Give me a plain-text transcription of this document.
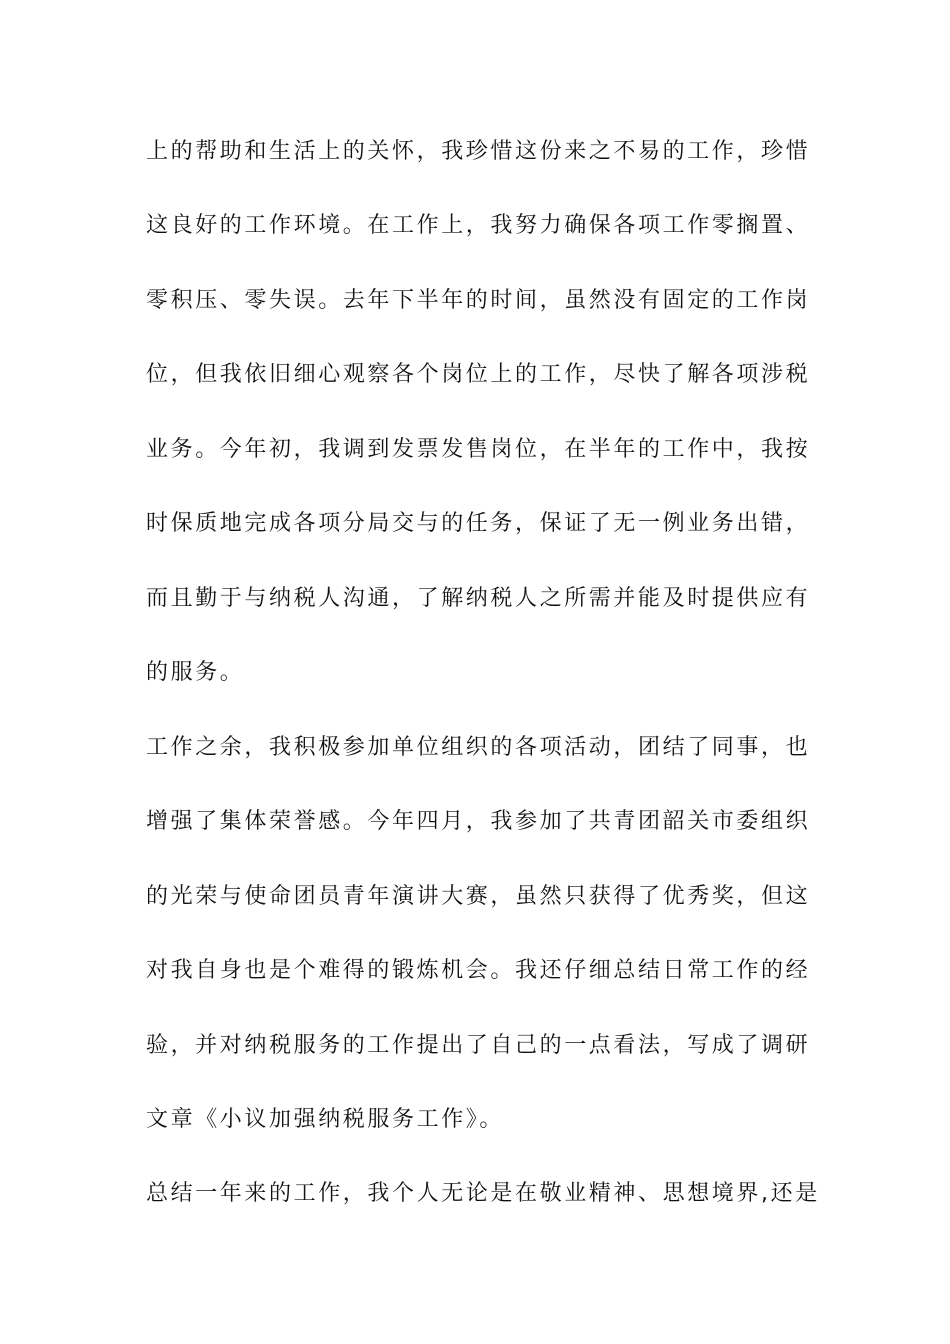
上的帮助和生活上的关怀，我珍惜这份来之不易的工作，珍惜
这良好的工作环境。在工作上，我努力确保各项工作零搁置、
零积压、零失误。去年下半年的时间，虽然没有固定的工作岗
位，但我依旧细心观察各个岗位上的工作，尽快了解各项涉税
业务。今年初，我调到发票发售岗位，在半年的工作中，我按
时保质地完成各项分局交与的任务，保证了无一例业务出错，
而且勤于与纳税人沟通，了解纳税人之所需并能及时提供应有
的服务。
工作之余，我积极参加单位组织的各项活动，团结了同事，也
增强了集体荣誉感。今年四月，我参加了共青团韶关市委组织
的光荣与使命团员青年演讲大赛，虽然只获得了优秀奖，但这
对我自身也是个难得的锻炼机会。我还仔细总结日常工作的经
验，并对纳税服务的工作提出了自己的一点看法，写成了调研
文章《小议加强纳税服务工作》。
总结一年来的工作，我个人无论是在敬业精神、思想境界,还是
